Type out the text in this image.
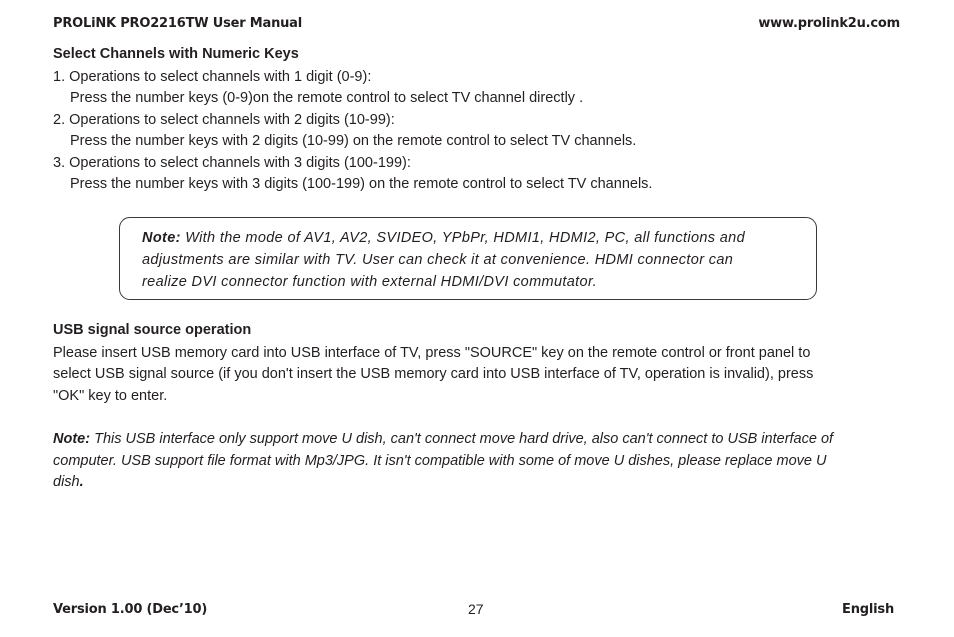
PROLiNK PRO2216TW User Manual	www.prolink2u.com
Select Channels with Numeric Keys
1. Operations to select channels with 1 digit (0-9):
Press the number keys (0-9)on the remote control to select TV channel directly .
2. Operations to select channels with 2 digits (10-99):
Press the number keys with 2 digits (10-99) on the remote control to select TV channels.
3. Operations to select channels with 3 digits (100-199):
Press the number keys with 3 digits (100-199) on the remote control to select TV channels.
Note: With the mode of AV1, AV2, SVIDEO, YPbPr, HDMI1, HDMI2, PC, all functions and
adjustments are similar with TV. User can check it at convenience. HDMI connector can
realize DVI connector function with external HDMI/DVI commutator.
USB signal source operation
Please insert USB memory card into USB interface of TV, press "SOURCE" key on the remote control or front panel to
select USB signal source (if you don't insert the USB memory card into USB interface of TV, operation is invalid), press
"OK" key to enter.
Note: This USB interface only support move U dish, can't connect move hard drive, also can't connect to USB interface of
computer. USB support file format with Mp3/JPG. It isn't compatible with some of move U dishes, please replace move U
dish.
Version 1.00 (Dec’10)	27	English
